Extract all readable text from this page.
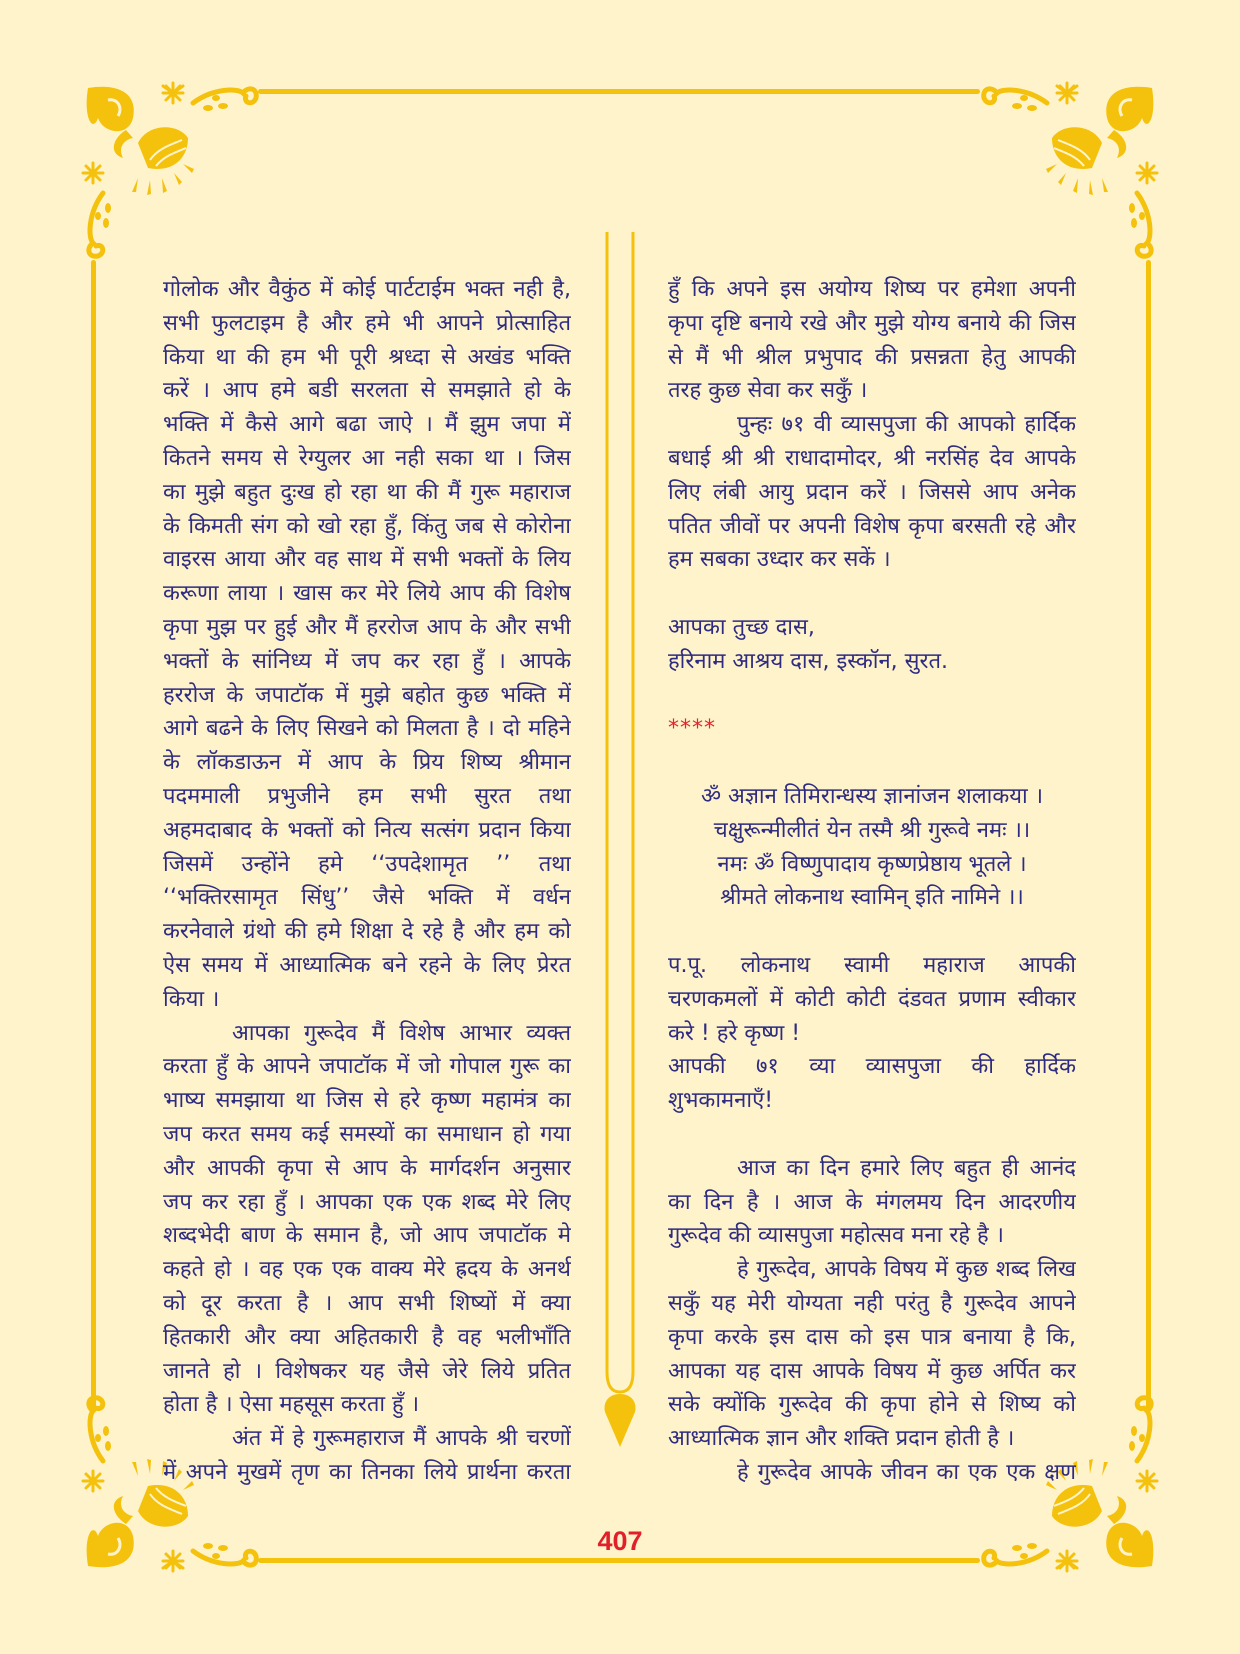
गोलोक और वैकुंठ में कोई पार्टटाईम भक्त नही है,
सभी फुलटाइम है और हमे भी आपने प्रोत्साहित
किया था की हम भी पूरी श्रध्दा से अखंड भक्ति
करें । आप हमे बडी सरलता से समझाते हो के
भक्ति में कैसे आगे बढा जाऐ । मैं झुम जपा में
कितने समय से रेग्युलर आ नही सका था । जिस
का मुझे बहुत दुःख हो रहा था की मैं गुरू महाराज
के किमती संग को खो रहा हुँ, किंतु जब से कोरोना
वाइरस आया और वह साथ में सभी भक्तों के लिय
करूणा लाया । खास कर मेरे लिये आप की विशेष
कृपा मुझ पर हुई और मैं हररोज आप के और सभी
भक्तों के सांनिध्य में जप कर रहा हुँ । आपके
हररोज के जपाटॉक में मुझे बहोत कुछ भक्ति में
आगे बढने के लिए सिखने को मिलता है । दो महिने
के लॉकडाऊन में आप के प्रिय शिष्य श्रीमान
पदममाली प्रभुजीने हम सभी सुरत तथा
अहमदाबाद के भक्तों को नित्य सत्संग प्रदान किया
जिसमें उन्होंने हमे ‘‘उपदेशामृत ’’ तथा
‘‘भक्तिरसामृत सिंधु’’ जैसे भक्ति में वर्धन
करनेवाले ग्रंथो की हमे शिक्षा दे रहे है और हम को
ऐस समय में आध्यात्मिक बने रहने के लिए प्रेरत
किया ।
आपका गुरूदेव मैं विशेष आभार व्यक्त
करता हुँ के आपने जपाटॉक में जो गोपाल गुरू का
भाष्य समझाया था जिस से हरे कृष्ण महामंत्र का
जप करत समय कई समस्यों का समाधान हो गया
और आपकी कृपा से आप के मार्गदर्शन अनुसार
जप कर रहा हुँ । आपका एक एक शब्द मेरे लिए
शब्दभेदी बाण के समान है, जो आप जपाटॉक मे
कहते हो । वह एक एक वाक्य मेरे ह्रदय के अनर्थ
को दूर करता है । आप सभी शिष्यों में क्या
हितकारी और क्या अहितकारी है वह भलीभाँति
जानते हो । विशेषकर यह जैसे जेरे लिये प्रतित
होता है । ऐसा महसूस करता हुँ ।
अंत में हे गुरूमहाराज मैं आपके श्री चरणों
में अपने मुखमें तृण का तिनका लिये प्रार्थना करता
हुँ कि अपने इस अयोग्य शिष्य पर हमेशा अपनी
कृपा दृष्टि बनाये रखे और मुझे योग्य बनाये की जिस
से मैं भी श्रील प्रभुपाद की प्रसन्नता हेतु आपकी
तरह कुछ सेवा कर सकुँ ।
पुन्हः ७१ वी व्यासपुजा की आपको हार्दिक
बधाई श्री श्री राधादामोदर, श्री नरसिंह देव आपके
लिए लंबी आयु प्रदान करें । जिससे आप अनेक
पतित जीवों पर अपनी विशेष कृपा बरसती रहे और
हम सबका उध्दार कर सकें ।
आपका तुच्छ दास,
हरिनाम आश्रय दास, इस्कॉन, सुरत.
****
ॐ अज्ञान तिमिरान्धस्य ज्ञानांजन शलाकया ।
चक्षुरून्मीलीतं येन तस्मै श्री गुरूवे नमः ।।
नमः ॐ विष्णुपादाय कृष्णप्रेष्ठाय भूतले ।
श्रीमते लोकनाथ स्वामिन् इति नामिने ।।
प.पू. लोकनाथ स्वामी महाराज आपकी
चरणकमलों में कोटी कोटी दंडवत प्रणाम स्वीकार
करे ! हरे कृष्ण !
आपकी ७१ व्या व्यासपुजा की हार्दिक
शुभकामनाएँ!
आज का दिन हमारे लिए बहुत ही आनंद
का दिन है । आज के मंगलमय दिन आदरणीय
गुरूदेव की व्यासपुजा महोत्सव मना रहे है ।
हे गुरूदेव, आपके विषय में कुछ शब्द लिख
सकुँ यह मेरी योग्यता नही परंतु है गुरूदेव आपने
कृपा करके इस दास को इस पात्र बनाया है कि,
आपका यह दास आपके विषय में कुछ अर्पित कर
सके क्योंकि गुरूदेव की कृपा होने से शिष्य को
आध्यात्मिक ज्ञान और शक्ति प्रदान होती है ।
हे गुरूदेव आपके जीवन का एक एक क्षण
407
